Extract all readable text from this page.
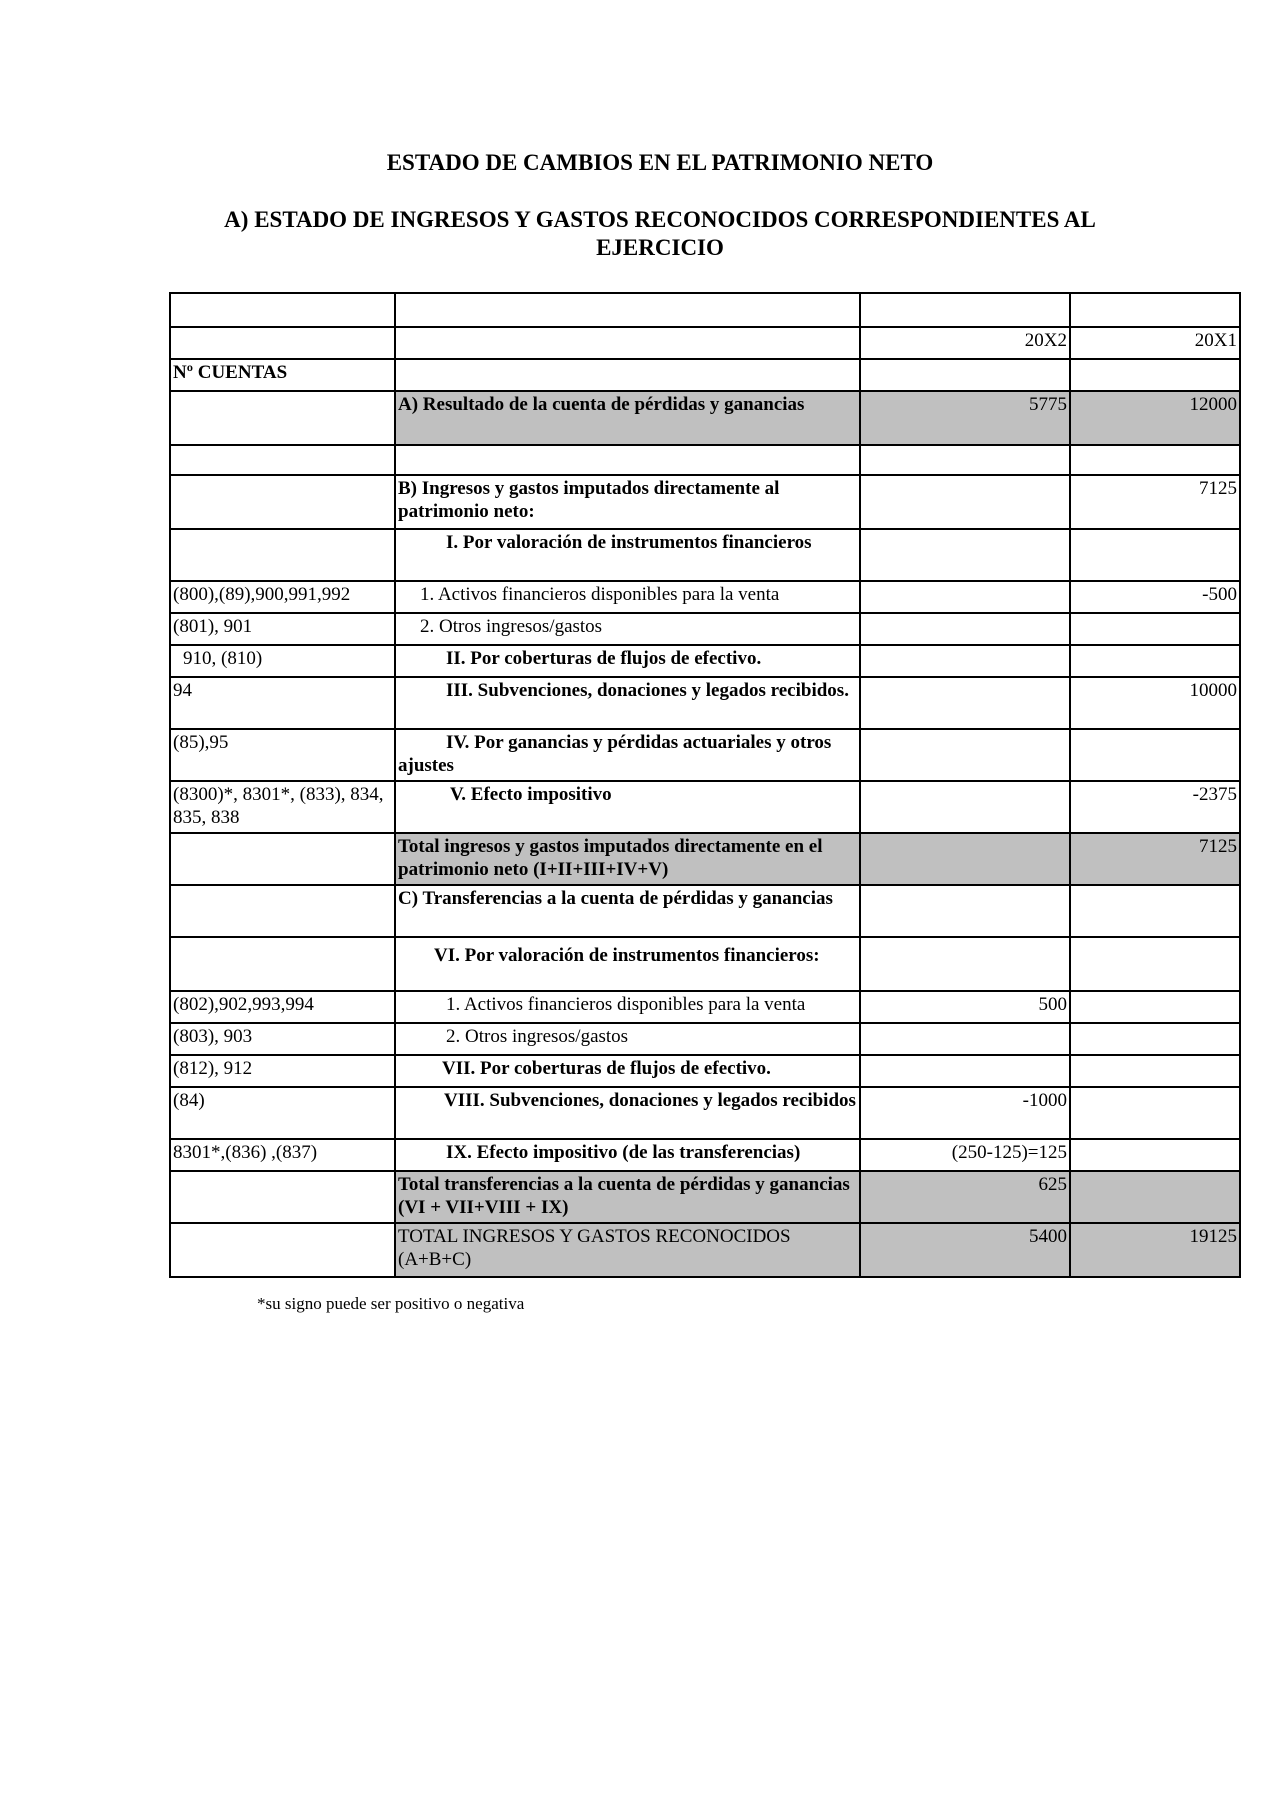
ESTADO DE CAMBIOS EN EL PATRIMONIO NETO
A) ESTADO DE INGRESOS Y GASTOS RECONOCIDOS CORRESPONDIENTES AL EJERCICIO

		20X2	20X1
Nº CUENTAS			
	A) Resultado de la cuenta de pérdidas y ganancias	5775	12000

	B) Ingresos y gastos imputados directamente al patrimonio neto:		7125
	I. Por valoración de instrumentos financieros		
(800),(89),900,991,992	1. Activos financieros disponibles para la venta		-500
(801), 901	2. Otros ingresos/gastos		
910, (810)	II. Por coberturas de flujos de efectivo.		
94	III. Subvenciones, donaciones y legados recibidos.		10000
(85),95	IV. Por ganancias y pérdidas actuariales y otros ajustes		
(8300)*, 8301*, (833), 834, 835, 838	V. Efecto impositivo		-2375
	Total ingresos y gastos imputados directamente en el patrimonio neto (I+II+III+IV+V)		7125
	C) Transferencias a la cuenta de pérdidas y ganancias		
	VI. Por valoración de instrumentos financieros:		
(802),902,993,994	1. Activos financieros disponibles para la venta	500	
(803), 903	2. Otros ingresos/gastos		
(812), 912	VII. Por coberturas de flujos de efectivo.		
(84)	VIII. Subvenciones, donaciones y legados recibidos	-1000	
8301*,(836) ,(837)	IX. Efecto impositivo (de las transferencias)	(250-125)=125	
	Total transferencias a la cuenta de pérdidas y ganancias (VI + VII+VIII + IX)	625	
	TOTAL INGRESOS Y GASTOS RECONOCIDOS (A+B+C)	5400	19125
*su signo puede ser positivo o negativa
